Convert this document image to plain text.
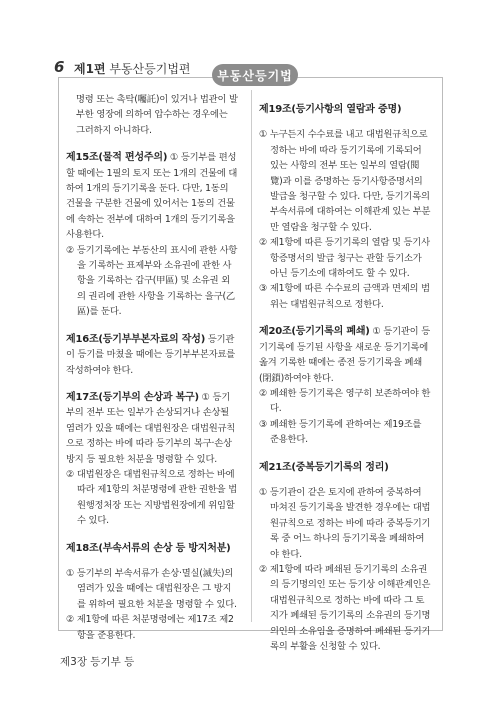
6 제1편 부동산등기법편	부동산등기법

명령 또는 촉탁(囑託)이 있거나 법관이 발부한 영장에 의하여 압수하는 경우에는 그러하지 아니하다.

제15조(물적 편성주의) ① 등기부를 편성할 때에는 1필의 토지 또는 1개의 건물에 대하여 1개의 등기기록을 둔다. 다만, 1동의 건물을 구분한 건물에 있어서는 1동의 건물에 속하는 전부에 대하여 1개의 등기기록을 사용한다.

② 등기기록에는 부동산의 표시에 관한 사항을 기록하는 표제부와 소유권에 관한 사항을 기록하는 갑구(甲區) 및 소유권 외의 권리에 관한 사항을 기록하는 을구(乙區)를 둔다.

제16조(등기부부본자료의 작성) 등기관이 등기를 마쳤을 때에는 등기부부본자료를 작성하여야 한다.

제17조(등기부의 손상과 복구) ① 등기부의 전부 또는 일부가 손상되거나 손상될 염려가 있을 때에는 대법원장은 대법원규칙으로 정하는 바에 따라 등기부의 복구·손상방지 등 필요한 처분을 명령할 수 있다.

② 대법원장은 대법원규칙으로 정하는 바에 따라 제1항의 처분명령에 관한 권한을 법원행정처장 또는 지방법원장에게 위임할 수 있다.

제18조(부속서류의 손상 등 방지처분)

① 등기부의 부속서류가 손상·멸실(滅失)의 염려가 있을 때에는 대법원장은 그 방지를 위하여 필요한 처분을 명령할 수 있다.

② 제1항에 따른 처분명령에는 제17조 제2항을 준용한다.

제19조(등기사항의 열람과 증명)

① 누구든지 수수료를 내고 대법원규칙으로 정하는 바에 따라 등기기록에 기록되어 있는 사항의 전부 또는 일부의 열람(閱覽)과 이를 증명하는 등기사항증명서의 발급을 청구할 수 있다. 다만, 등기기록의 부속서류에 대하여는 이해관계 있는 부분만 열람을 청구할 수 있다.

② 제1항에 따른 등기기록의 열람 및 등기사항증명서의 발급 청구는 관할 등기소가 아닌 등기소에 대하여도 할 수 있다.

③ 제1항에 따른 수수료의 금액과 면제의 범위는 대법원규칙으로 정한다.

제20조(등기기록의 폐쇄) ① 등기관이 등기기록에 등기된 사항을 새로운 등기기록에 옮겨 기록한 때에는 종전 등기기록을 폐쇄(閉鎖)하여야 한다.

② 폐쇄한 등기기록은 영구히 보존하여야 한다.

③ 폐쇄한 등기기록에 관하여는 제19조를 준용한다.

제21조(중복등기기록의 정리)

① 등기관이 같은 토지에 관하여 중복하여 마쳐진 등기기록을 발견한 경우에는 대법원규칙으로 정하는 바에 따라 중복등기기록 중 어느 하나의 등기기록을 폐쇄하여야 한다.

② 제1항에 따라 폐쇄된 등기기록의 소유권의 등기명의인 또는 등기상 이해관계인은 대법원규칙으로 정하는 바에 따라 그 토지가 폐쇄된 등기기록의 소유권의 등기명의인의 소유임을 증명하여 폐쇄된 등기기록의 부활을 신청할 수 있다.

제3장 등기부 등
